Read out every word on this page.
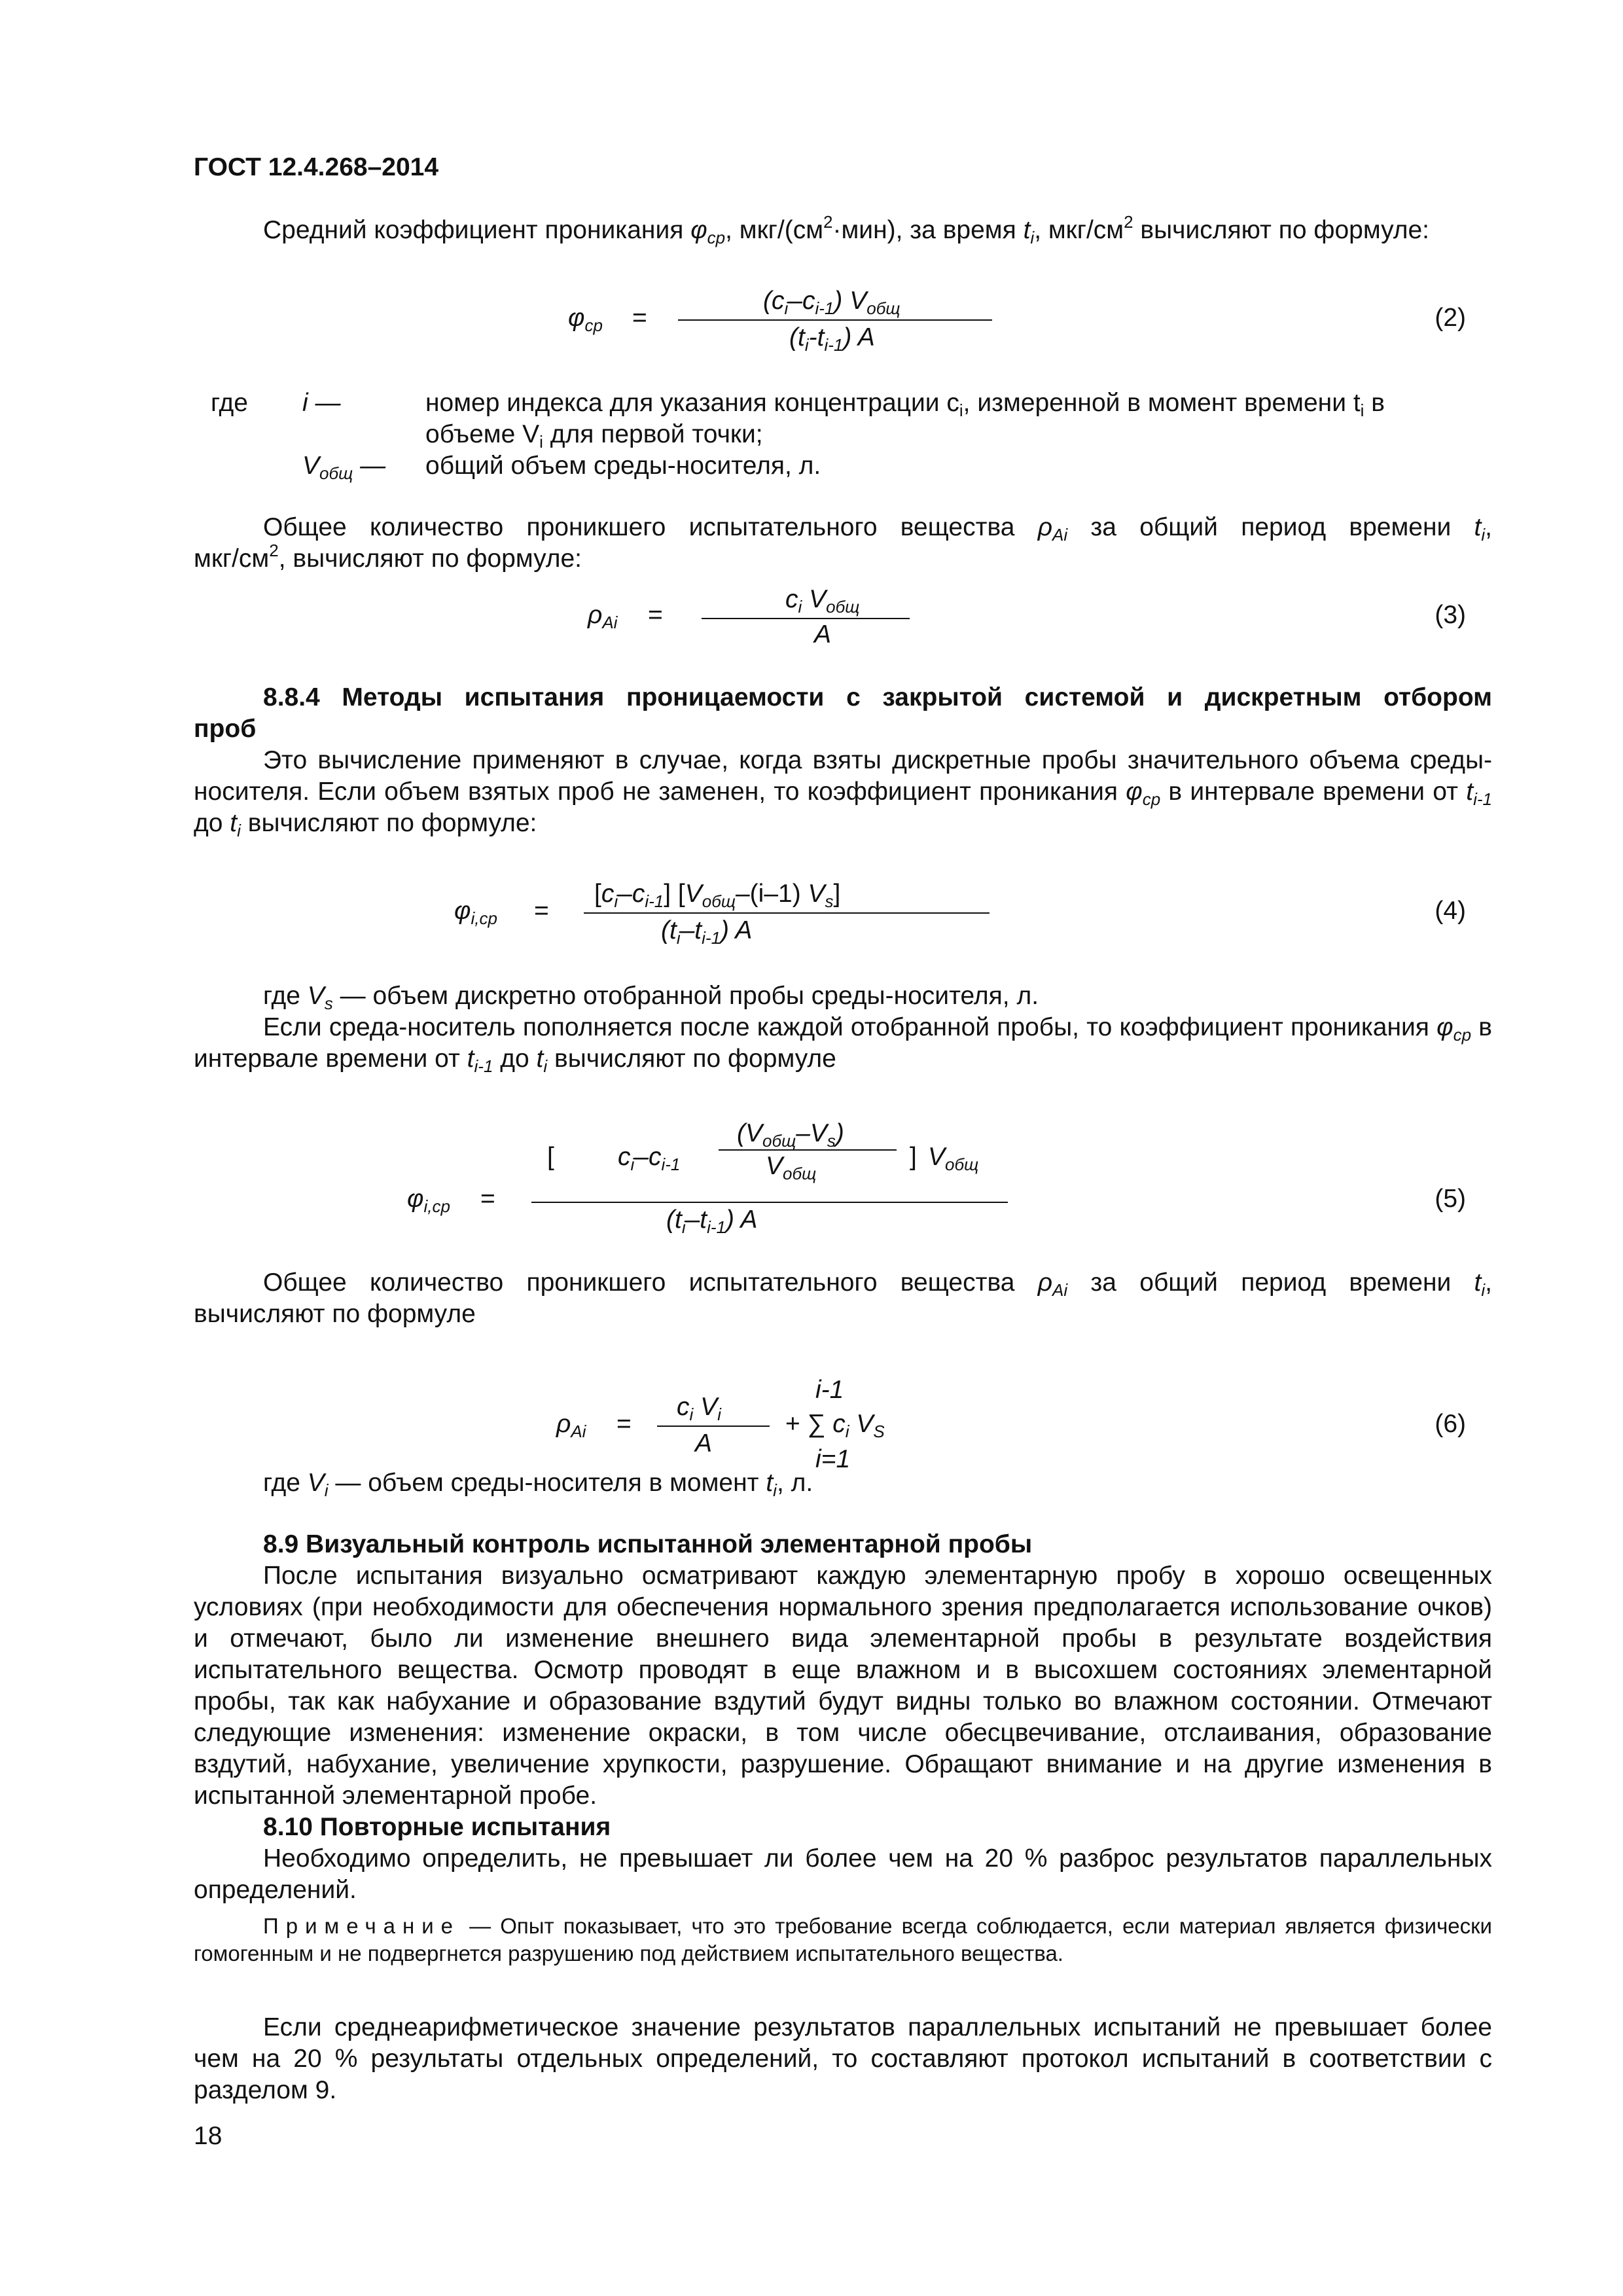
ГОСТ 12.4.268–2014

Средний коэффициент проникания $\varphi_{ср}$, мкг/$(см^2\cdot мин)$, за время $t_i$, мкг/$см^2$ вычисляют по формуле:

$\varphi_{ср}$ =
$(c_i-c_{i-1})$ $V_{общ}$
$(t_i-t_{i-1})$ A
(2)
где i —	номер индекса для указания концентрации $c_i$, измеренной в момент времени $t_i$ в
объеме $V_i$ для первой точки;
$V_{общ}$ — общий объем среды-носителя, л.

Общее количество проникшего испытательного вещества $\rho_{Ai}$ за общий период времени $t_i$,

мкг/$см^2$, вычисляют по формуле:

$\rho_{Ai}$ =
$c_i$ $V_{общ}$
A
(3)

8.8.4 Методы испытания проницаемости с закрытой системой и дискретным отбором

проб

Это вычисление применяют в случае, когда взяты дискретные пробы значительного объема среды-носителя. Если объем взятых проб не заменен, то коэффициент проникания $\varphi_{ср}$ в интервале времени от $t_{i-1}$ до $t_i$ вычисляют по формуле:

$\varphi_{i,ср}$ =
$[c_i-c_{i-1}]$ [$V_{общ}-(i-1)$ $V_s$]
$(t_i-t_{i-1})$ A
(4)

где $V_s$ — объем дискретно отобранной пробы среды-носителя, л.

Если среда-носитель пополняется после каждой отобранной пробы, то коэффициент проникания $\varphi_{ср}$ в интервале времени от $t_{i-1}$ до $t_i$ вычисляют по формуле

[ $c_i-c_{i-1}$
$(V_{общ}-V_s)$
$V_{общ}$
] $V_{общ}$
$\varphi_{i,ср}$ =
$(t_i-t_{i-1})$ A
(5)

Общее количество проникшего испытательного вещества $\rho_{Ai}$ за общий период времени $t_i$,

вычисляют по формуле

i-1
$c_i$ $V_i$
$\rho_{Ai}$ =
A
+ ∑ $c_i$ $V_S$
i=1
(6)

где $V_i$ — объем среды-носителя в момент $t_i$, л.

8.9 Визуальный контроль испытанной элементарной пробы

После испытания визуально осматривают каждую элементарную пробу в хорошо освещенных условиях (при необходимости для обеспечения нормального зрения предполагается использование очков) и отмечают, было ли изменение внешнего вида элементарной пробы в результате воздействия испытательного вещества. Осмотр проводят в еще влажном и в высохшем состояниях элементарной пробы, так как набухание и образование вздутий будут видны только во влажном состоянии. Отмечают следующие изменения: изменение окраски, в том числе обесцвечивание, отслаивания, образование вздутий, набухание, увеличение хрупкости, разрушение. Обращают внимание и на другие изменения в испытанной элементарной пробе.

8.10 Повторные испытания

Необходимо определить, не превышает ли более чем на 20 % разброс результатов параллельных определений.

Примечание — Опыт показывает, что это требование всегда соблюдается, если материал является физически гомогенным и не подвергнется разрушению под действием испытательного вещества.

Если среднеарифметическое значение результатов параллельных испытаний не превышает более чем на 20 % результаты отдельных определений, то составляют протокол испытаний в соответствии с разделом 9.

18
